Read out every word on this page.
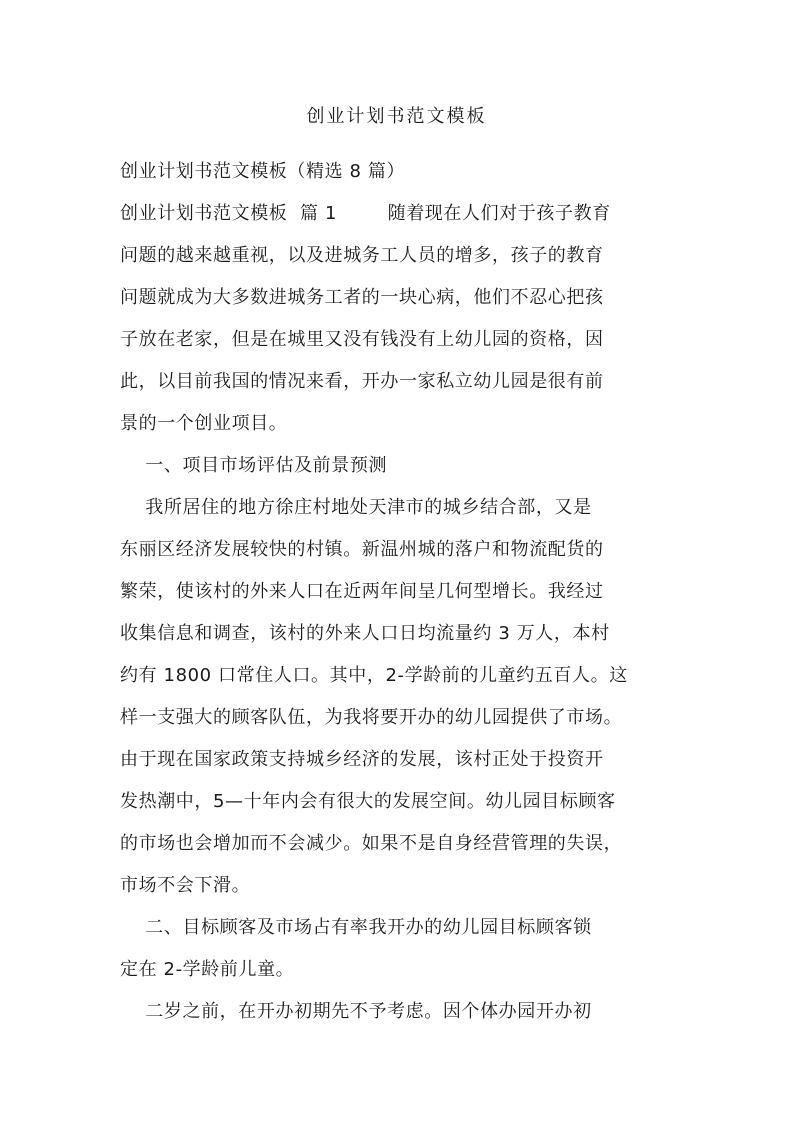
创业计划书范文模板
创业计划书范文模板（精选 8 篇）
创业计划书范文模板  篇 1        随着现在人们对于孩子教育
问题的越来越重视，以及进城务工人员的增多，孩子的教育
问题就成为大多数进城务工者的一块心病，他们不忍心把孩
子放在老家，但是在城里又没有钱没有上幼儿园的资格，因
此，以目前我国的情况来看，开办一家私立幼儿园是很有前
景的一个创业项目。
一、项目市场评估及前景预测
我所居住的地方徐庄村地处天津市的城乡结合部，又是
东丽区经济发展较快的村镇。新温州城的落户和物流配货的
繁荣，使该村的外来人口在近两年间呈几何型增长。我经过
收集信息和调查，该村的外来人口日均流量约 3 万人，本村
约有 1800 口常住人口。其中，2-学龄前的儿童约五百人。这
样一支强大的顾客队伍，为我将要开办的幼儿园提供了市场。
由于现在国家政策支持城乡经济的发展，该村正处于投资开
发热潮中，5—十年内会有很大的发展空间。幼儿园目标顾客
的市场也会增加而不会减少。如果不是自身经营管理的失误，
市场不会下滑。
二、目标顾客及市场占有率我开办的幼儿园目标顾客锁
定在 2-学龄前儿童。
二岁之前，在开办初期先不予考虑。因个体办园开办初
